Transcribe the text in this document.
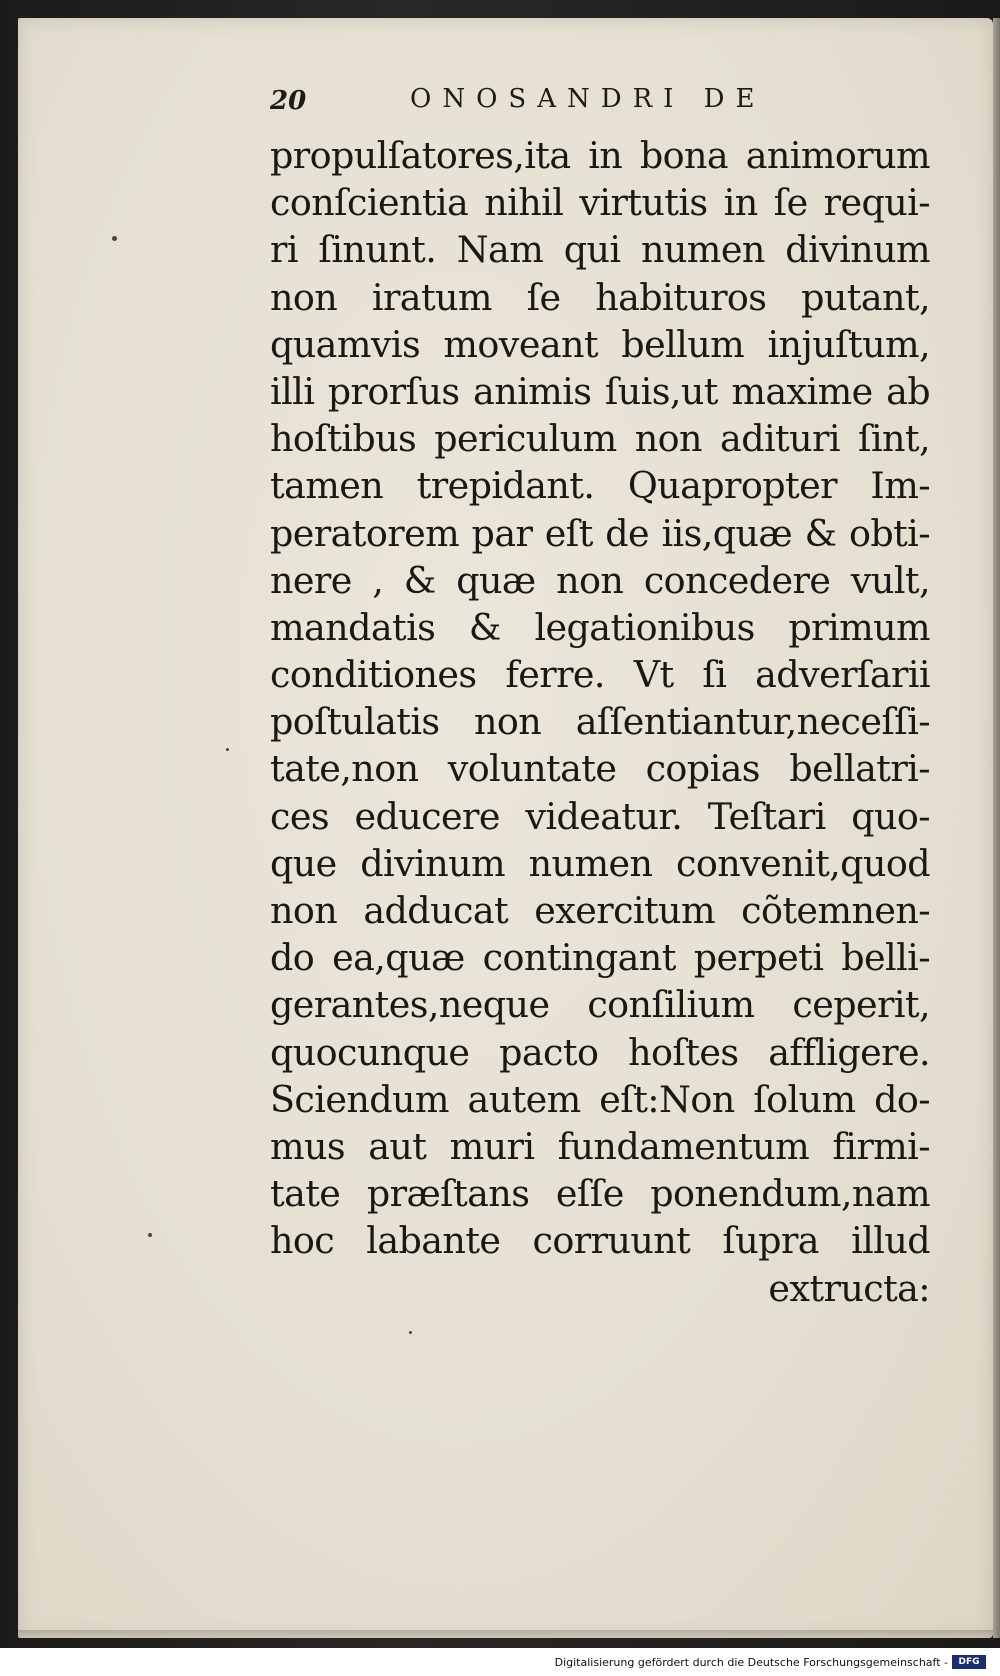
20	ONOSANDRI DE
propulſatores,ita in bona animorum
conſcientia nihil virtutis in ſe requi-
ri ſinunt. Nam qui numen divinum
non iratum ſe habituros putant,
quamvis moveant bellum injuſtum,
illi prorſus animis ſuis,ut maxime ab
hoſtibus periculum non adituri ſint,
tamen trepidant. Quapropter Im-
peratorem par eſt de iis,quæ & obti-
nere , & quæ non concedere vult,
mandatis & legationibus primum
conditiones ferre. Vt ſi adverſarii
poſtulatis non aſſentiantur,neceſſi-
tate,non voluntate copias bellatri-
ces educere videatur. Teſtari quo-
que divinum numen convenit,quod
non adducat exercitum cõtemnen-
do ea,quæ contingant perpeti belli-
gerantes,neque conſilium ceperit,
quocunque pacto hoſtes affligere.
Sciendum autem eſt:Non ſolum do-
mus aut muri fundamentum firmi-
tate præſtans eſſe ponendum,nam
hoc labante corruunt ſupra illud
extructa:
Digitalisierung gefördert durch die Deutsche Forschungsgemeinschaft -	DFG
